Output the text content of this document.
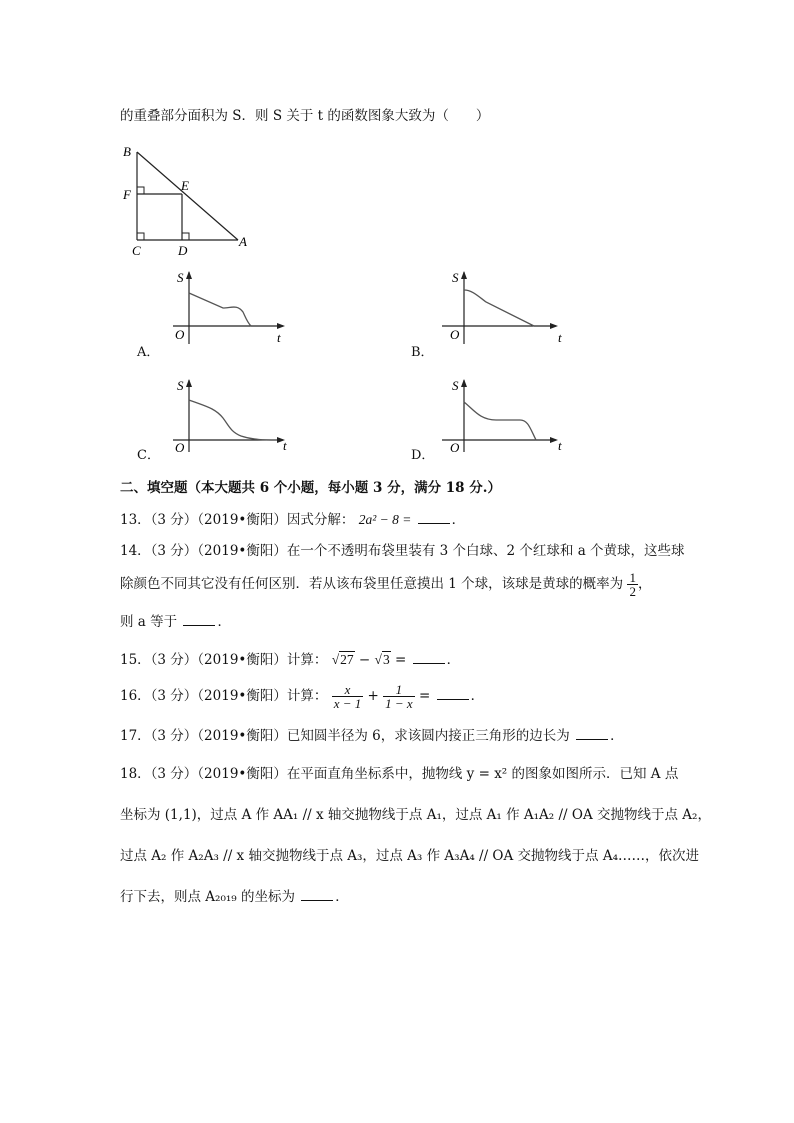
的重叠部分面积为 S．则 S 关于 t 的函数图象大致为（　　）
B
F
E
C	D
A
S
O	t
A．
S
O	t
B．
S
O	t
C．
S
O	t
D．
二、填空题（本大题共 6 个小题，每小题 3 分，满分 18 分.）
13．（3 分）（2019•衡阳）因式分解： 2a² − 8 =	．
14．（3 分）（2019•衡阳）在一个不透明布袋里装有 3 个白球、2 个红球和 a 个黄球，这些球
除颜色不同其它没有任何区别．若从该布袋里任意摸出 1 个球，该球是黄球的概率为 $\frac{1}{2}$ ，
则 a 等于	．
15．（3 分）（2019•衡阳）计算： √27 − √3 =	．
16．（3 分）（2019•衡阳）计算： $\frac{x}{x - 1} + \frac{1}{1 - x}$ =	．
17．（3 分）（2019•衡阳）已知圆半径为 6，求该圆内接正三角形的边长为	．
18．（3 分）（2019•衡阳）在平面直角坐标系中，抛物线 y = x² 的图象如图所示．已知 A 点
坐标为 (1,1)，过点 A 作 AA₁ // x 轴交抛物线于点 A₁，过点 A₁ 作 A₁A₂ // OA 交抛物线于点 A₂，
过点 A₂ 作 A₂A₃ // x 轴交抛物线于点 A₃，过点 A₃ 作 A₃A₄ // OA 交抛物线于点 A₄……，依次进
行下去，则点 A₂₀₁₉ 的坐标为	．
